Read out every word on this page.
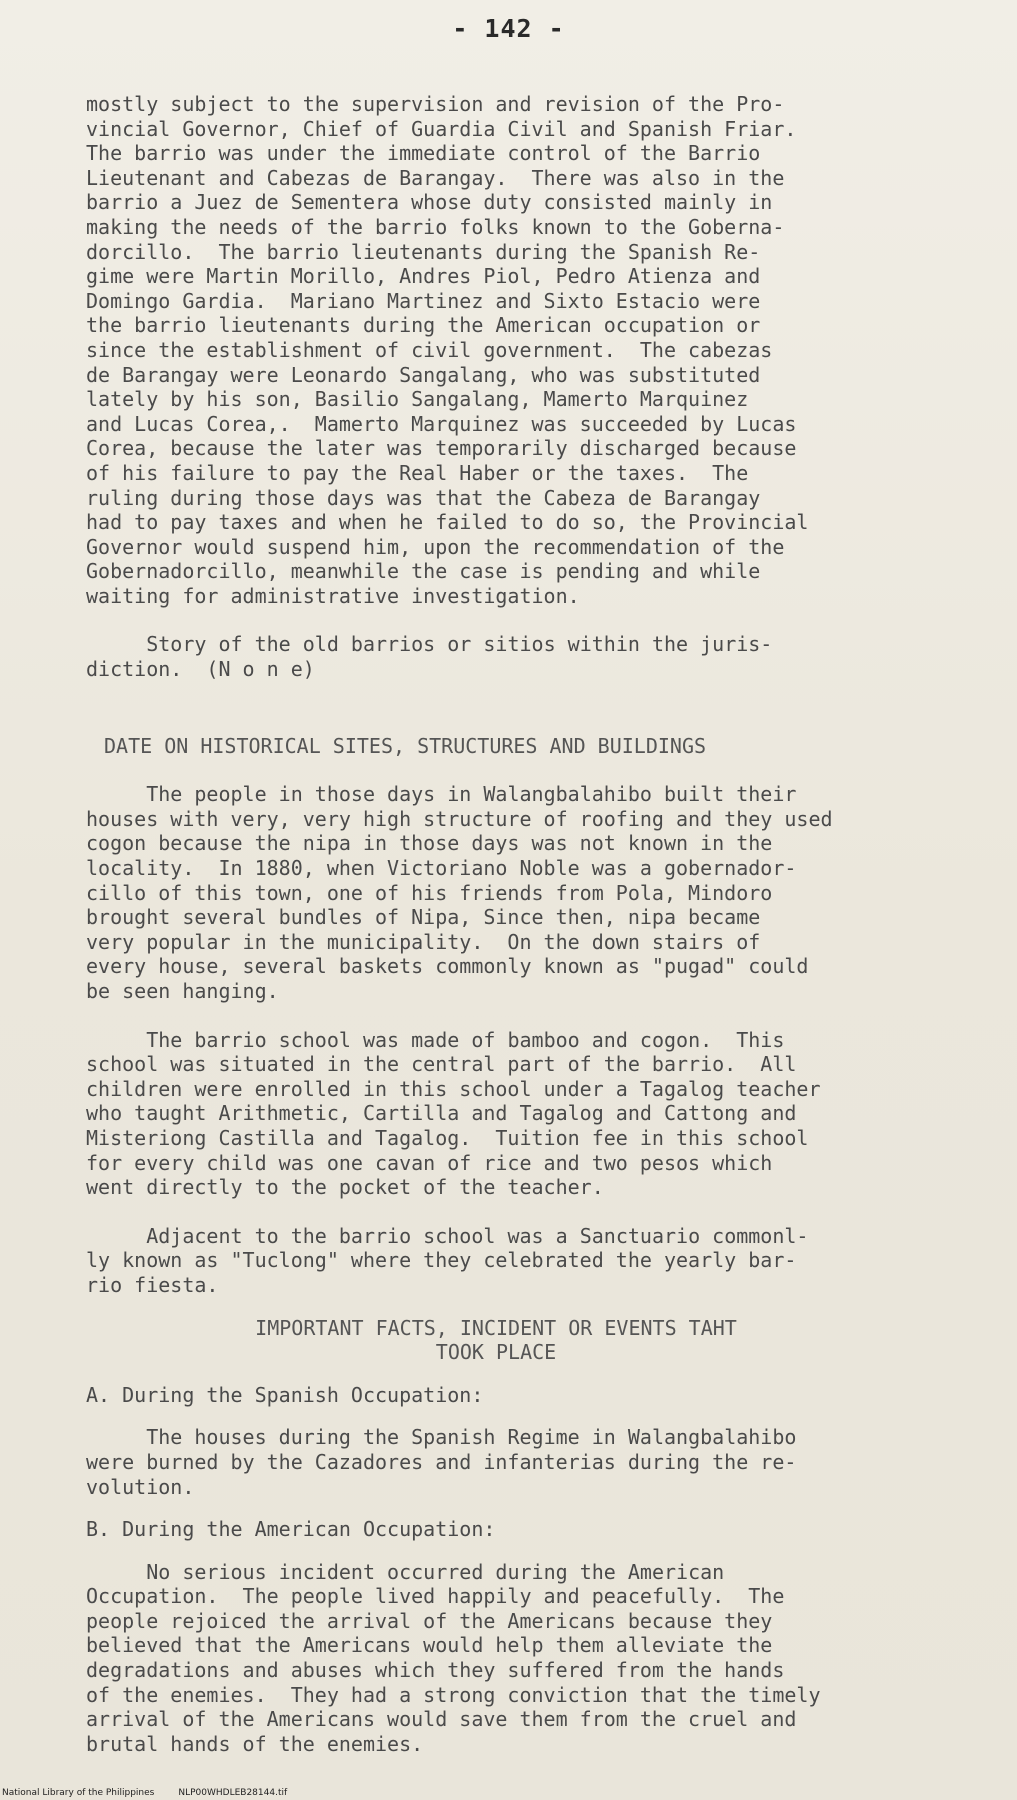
- 142 -

mostly subject to the supervision and revision of the Pro-
vincial Governor, Chief of Guardia Civil and Spanish Friar.
The barrio was under the immediate control of the Barrio
Lieutenant and Cabezas de Barangay.  There was also in the
barrio a Juez de Sementera whose duty consisted mainly in
making the needs of the barrio folks known to the Goberna-
dorcillo.  The barrio lieutenants during the Spanish Re-
gime were Martin Morillo, Andres Piol, Pedro Atienza and
Domingo Gardia.  Mariano Martinez and Sixto Estacio were
the barrio lieutenants during the American occupation or
since the establishment of civil government.  The cabezas
de Barangay were Leonardo Sangalang, who was substituted
lately by his son, Basilio Sangalang, Mamerto Marquinez
and Lucas Corea,.  Mamerto Marquinez was succeeded by Lucas
Corea, because the later was temporarily discharged because
of his failure to pay the Real Haber or the taxes.  The
ruling during those days was that the Cabeza de Barangay
had to pay taxes and when he failed to do so, the Provincial
Governor would suspend him, upon the recommendation of the
Gobernadorcillo, meanwhile the case is pending and while
waiting for administrative investigation.

Story of the old barrios or sitios within the juris-
diction.  (N o n e)

DATE ON HISTORICAL SITES, STRUCTURES AND BUILDINGS

The people in those days in Walangbalahibo built their
houses with very, very high structure of roofing and they used
cogon because the nipa in those days was not known in the
locality.  In 1880, when Victoriano Noble was a gobernador-
cillo of this town, one of his friends from Pola, Mindoro
brought several bundles of Nipa, Since then, nipa became
very popular in the municipality.  On the down stairs of
every house, several baskets commonly known as "pugad" could
be seen hanging.

The barrio school was made of bamboo and cogon.  This
school was situated in the central part of the barrio.  All
children were enrolled in this school under a Tagalog teacher
who taught Arithmetic, Cartilla and Tagalog and Cattong and
Misteriong Castilla and Tagalog.  Tuition fee in this school
for every child was one cavan of rice and two pesos which
went directly to the pocket of the teacher.

Adjacent to the barrio school was a Sanctuario commonl-
ly known as "Tuclong" where they celebrated the yearly bar-
rio fiesta.

IMPORTANT FACTS, INCIDENT OR EVENTS TAHT
TOOK PLACE

A. During the Spanish Occupation:

The houses during the Spanish Regime in Walangbalahibo
were burned by the Cazadores and infanterias during the re-
volution.

B. During the American Occupation:

No serious incident occurred during the American
Occupation.  The people lived happily and peacefully.  The
people rejoiced the arrival of the Americans because they
believed that the Americans would help them alleviate the
degradations and abuses which they suffered from the hands
of the enemies.  They had a strong conviction that the timely
arrival of the Americans would save them from the cruel and
brutal hands of the enemies.

National Library of the Philippines	NLP00WHDLEB28144.tif
